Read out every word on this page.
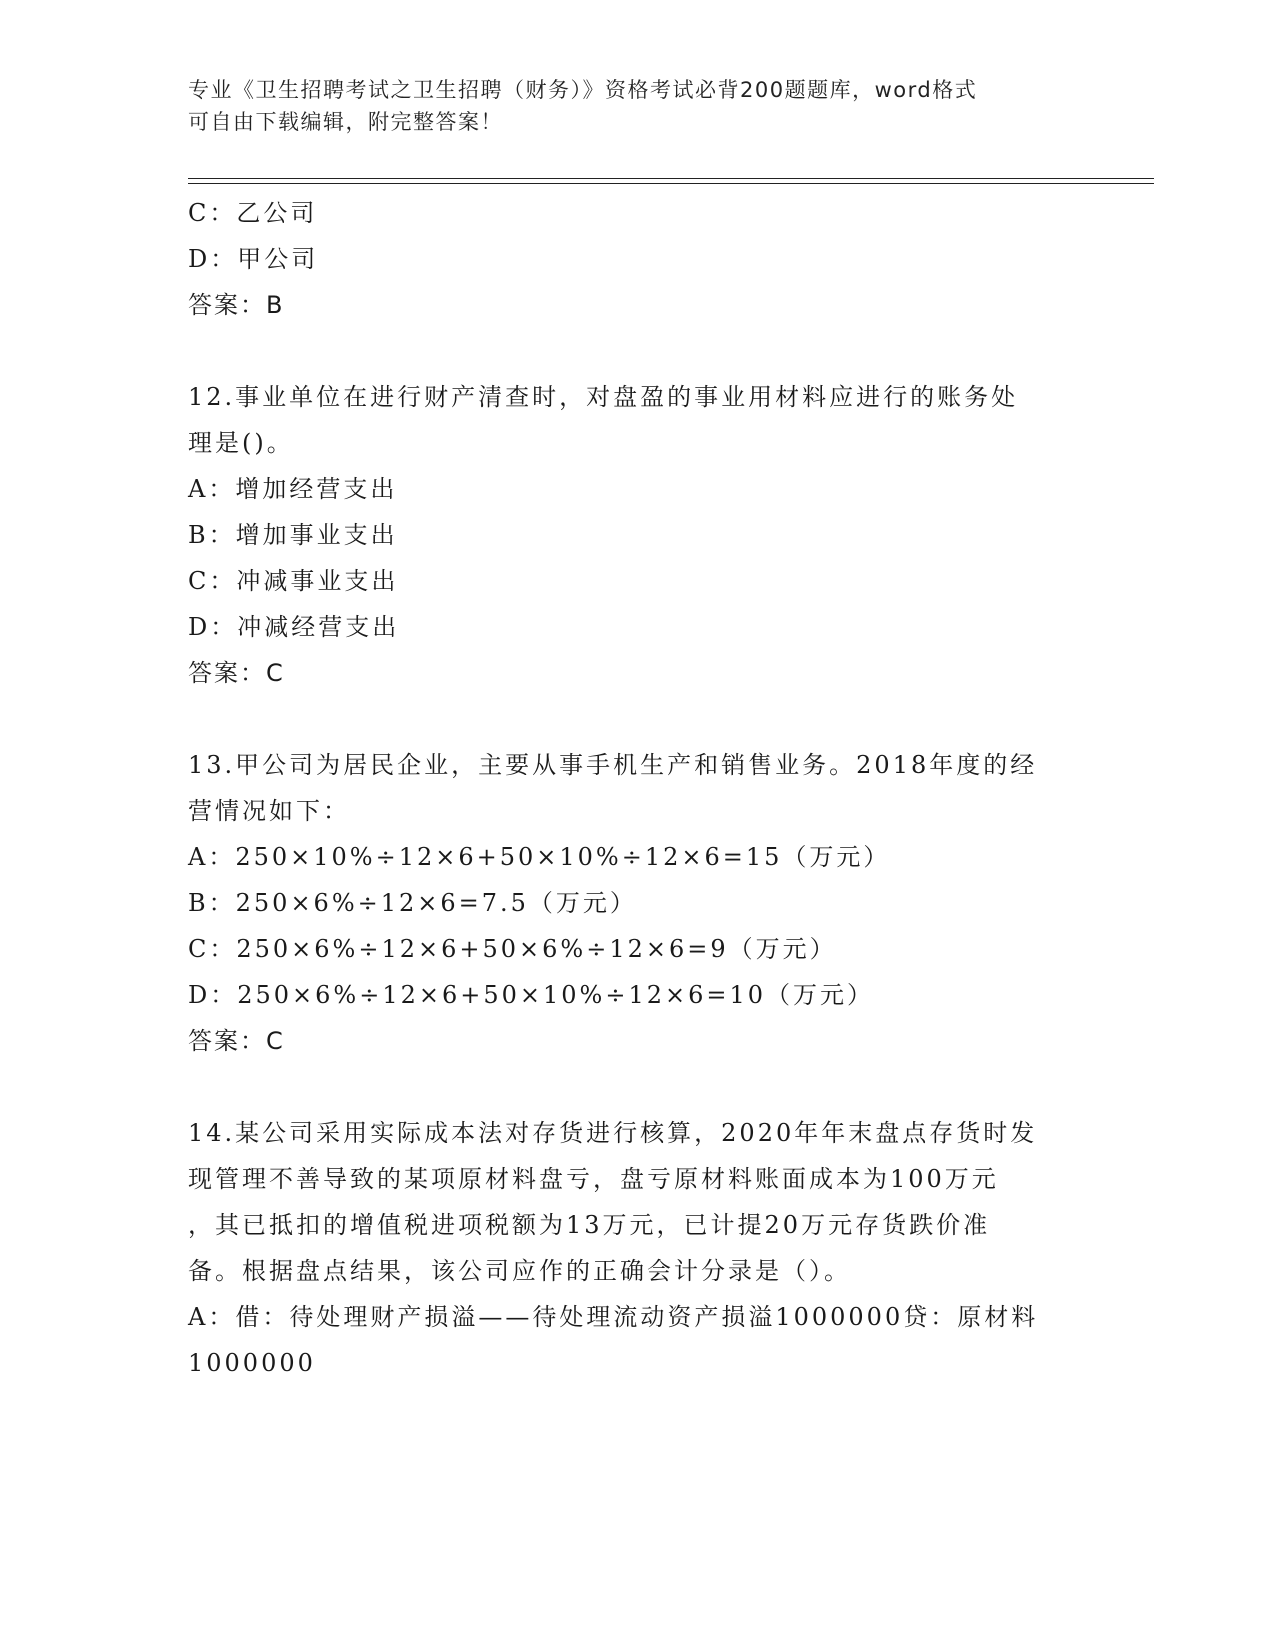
专业《卫生招聘考试之卫生招聘（财务）》资格考试必背200题题库，word格式
可自由下载编辑，附完整答案！
C：乙公司
D：甲公司
答案：B
12.事业单位在进行财产清查时，对盘盈的事业用材料应进行的账务处
理是()。
A：增加经营支出
B：增加事业支出
C：冲减事业支出
D：冲减经营支出
答案：C
13.甲公司为居民企业，主要从事手机生产和销售业务。2018年度的经
营情况如下：
A：250×10%÷12×6+50×10%÷12×6=15（万元）
B：250×6%÷12×6=7.5（万元）
C：250×6%÷12×6+50×6%÷12×6=9（万元）
D：250×6%÷12×6+50×10%÷12×6=10（万元）
答案：C
14.某公司采用实际成本法对存货进行核算，2020年年末盘点存货时发
现管理不善导致的某项原材料盘亏，盘亏原材料账面成本为100万元
，其已抵扣的增值税进项税额为13万元，已计提20万元存货跌价准
备。根据盘点结果，该公司应作的正确会计分录是（）。
A：借：待处理财产损溢——待处理流动资产损溢1000000贷：原材料
1000000
